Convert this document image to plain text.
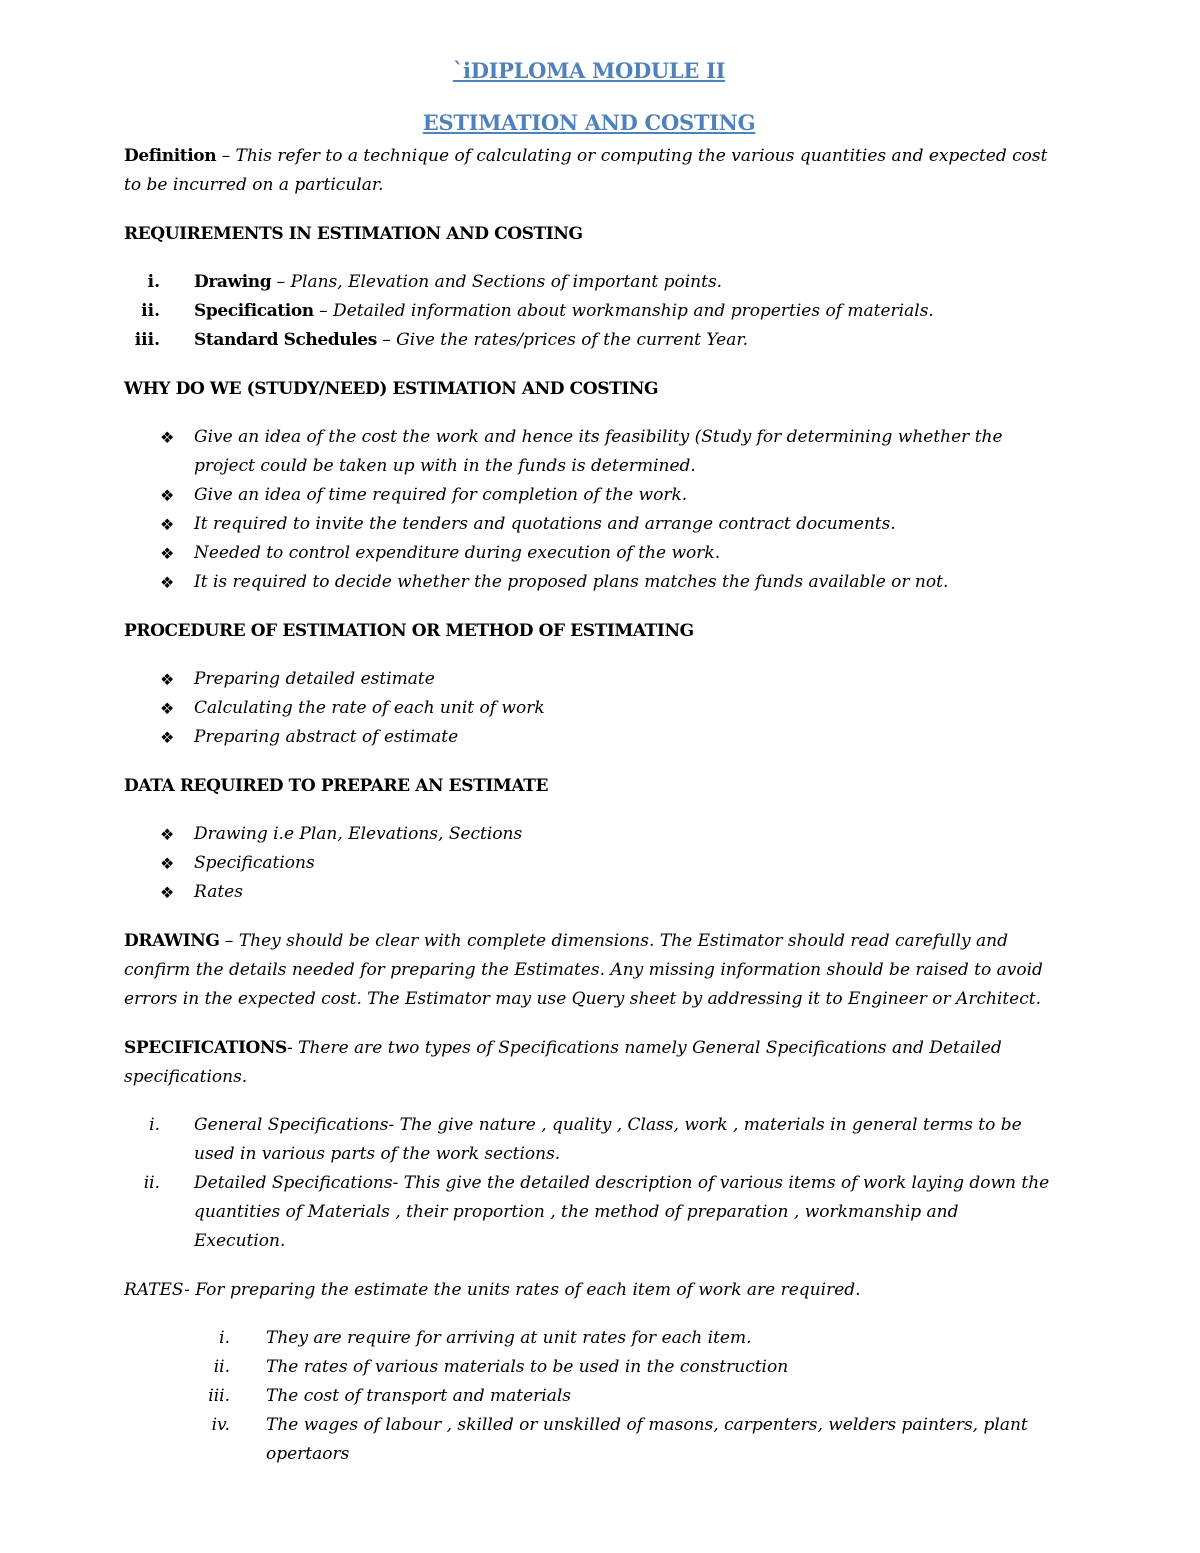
`iDIPLOMA MODULE II
ESTIMATION AND COSTING

Definition – This refer to a technique of calculating or computing the various quantities and expected cost to be incurred on a particular.

REQUIREMENTS IN ESTIMATION AND COSTING

i. Drawing – Plans, Elevation and Sections of important points.
ii. Specification – Detailed information about workmanship and properties of materials.
iii. Standard Schedules – Give the rates/prices of the current Year.

WHY DO WE (STUDY/NEED) ESTIMATION AND COSTING

❖	Give an idea of the cost the work and hence its feasibility (Study for determining whether the project could be taken up with in the funds is determined.
❖	Give an idea of time required for completion of the work.
❖	It required to invite the tenders and quotations and arrange contract documents.
❖	Needed to control expenditure during execution of the work.
❖	It is required to decide whether the proposed plans matches the funds available or not.

PROCEDURE OF ESTIMATION OR METHOD OF ESTIMATING

❖	Preparing detailed estimate
❖	Calculating the rate of each unit of work
❖	Preparing abstract of estimate

DATA REQUIRED TO PREPARE AN ESTIMATE

❖	Drawing i.e Plan, Elevations, Sections
❖	Specifications
❖	Rates

DRAWING – They should be clear with complete dimensions. The Estimator should read carefully and confirm the details needed for preparing the Estimates. Any missing information should be raised to avoid errors in the expected cost. The Estimator may use Query sheet by addressing it to Engineer or Architect.

SPECIFICATIONS- There are two types of Specifications namely General Specifications and Detailed specifications.

i. General Specifications- The give nature , quality , Class, work , materials in general terms to be used in various parts of the work sections.
ii. Detailed Specifications- This give the detailed description of various items of work laying down the quantities of Materials , their proportion , the method of preparation , workmanship and Execution.

RATES- For preparing the estimate the units rates of each item of work are required.

i. They are require for arriving at unit rates for each item.
ii. The rates of various materials to be used in the construction
iii. The cost of transport and materials
iv. The wages of labour , skilled or unskilled of masons, carpenters, welders painters, plant opertaors
